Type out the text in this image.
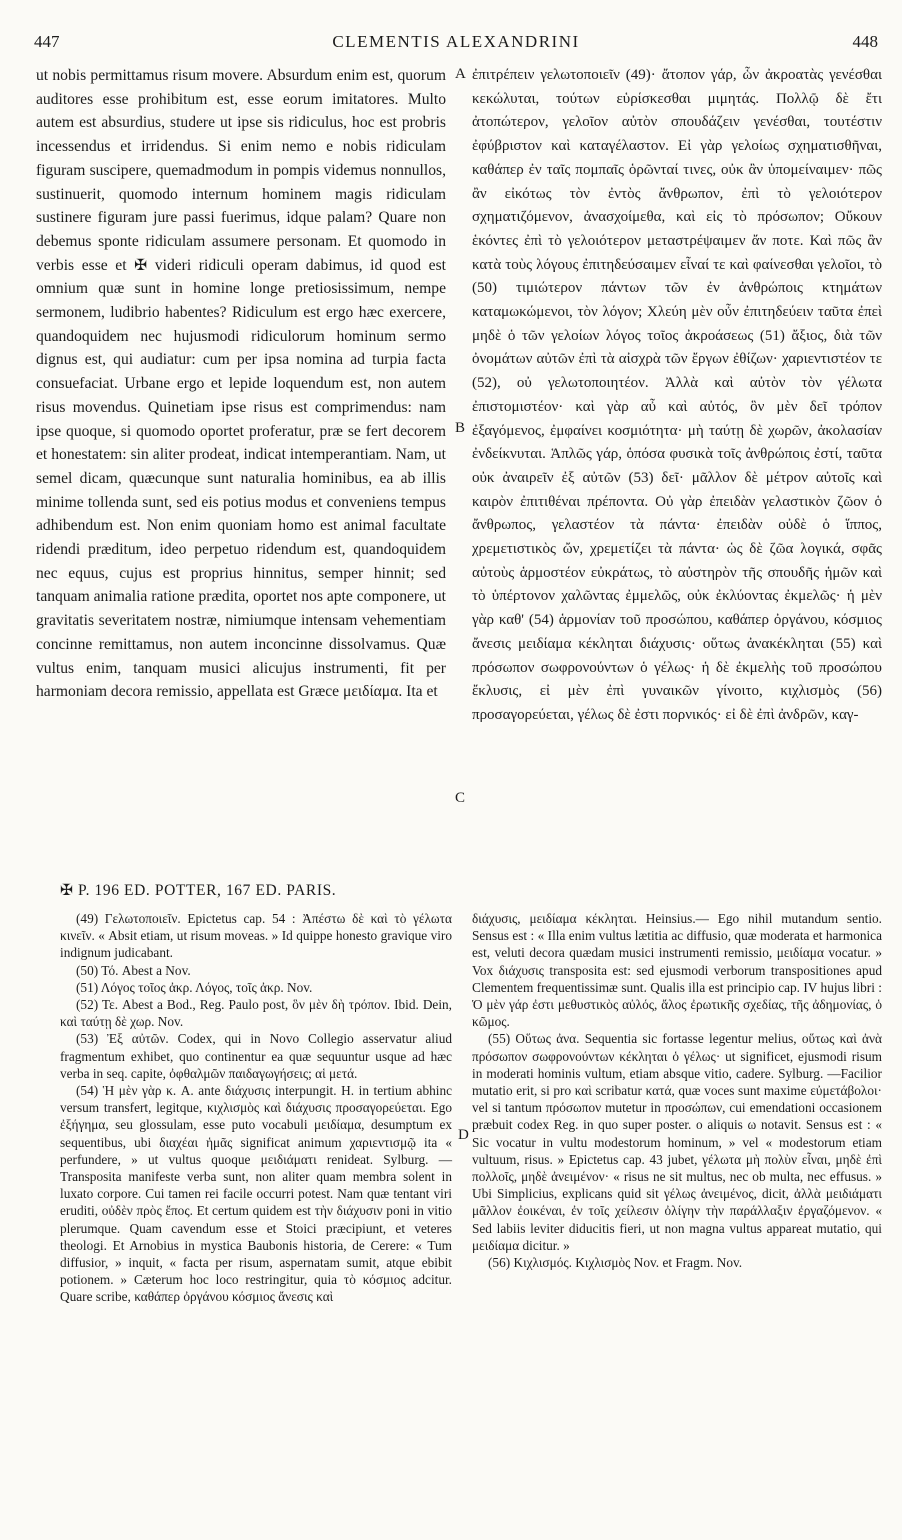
447	CLEMENTIS ALEXANDRINI	448

ut nobis permittamus risum movere. Absurdum enim est, quorum auditores esse prohibitum est, esse eorum imitatores. Multo autem est absurdius, studere ut ipse sis ridiculus, hoc est probris incessendus et irridendus. Si enim nemo e nobis ridiculam figuram suscipere, quemadmodum in pompis videmus nonnullos, sustinuerit, quomodo internum hominem magis ridiculam sustinere figuram jure passi fuerimus, idque palam? Quare non debemus sponte ridiculam assumere personam. Et quomodo in verbis esse et ✠ videri ridiculi operam dabimus, id quod est omnium quæ sunt in homine longe pretiosissimum, nempe sermonem, ludibrio habentes? Ridiculum est ergo hæc exercere, quandoquidem nec hujusmodi ridiculorum hominum sermo dignus est, qui audiatur: cum per ipsa nomina ad turpia facta consuefaciat. Urbane ergo et lepide loquendum est, non autem risus movendus. Quinetiam ipse risus est comprimendus: nam ipse quoque, si quomodo oportet proferatur, præ se fert decorem et honestatem: sin aliter prodeat, indicat intemperantiam. Nam, ut semel dicam, quæcunque sunt naturalia hominibus, ea ab illis minime tollenda sunt, sed eis potius modus et conveniens tempus adhibendum est. Non enim quoniam homo est animal facultate ridendi præditum, ideo perpetuo ridendum est, quandoquidem nec equus, cujus est proprius hinnitus, semper hinnit; sed tanquam animalia ratione prædita, oportet nos apte componere, ut gravitatis severitatem nostræ, nimiumque intensam vehementiam concinne remittamus, non autem inconcinne dissolvamus. Quæ vultus enim, tanquam musici alicujus instrumenti, fit per harmoniam decora remissio, appellata est Græce μειδίαμα. Ita et

A
B
C
D

ἐπιτρέπειν γελωτοποιεῖν (49)· ἄτοπον γάρ, ὧν ἀκροατὰς γενέσθαι κεκώλυται, τούτων εὑρίσκεσθαι μιμητάς. Πολλῷ δὲ ἔτι ἀτοπώτερον, γελοῖον αὐτὸν σπουδάζειν γενέσθαι, τουτέστιν ἐφύβριστον καὶ καταγέλαστον. Εἰ γὰρ γελοίως σχηματισθῆναι, καθάπερ ἐν ταῖς πομπαῖς ὁρῶνταί τινες, οὐκ ἂν ὑπομείναιμεν· πῶς ἂν εἰκότως τὸν ἐντὸς ἄνθρωπον, ἐπὶ τὸ γελοιότερον σχηματιζόμενον, ἀνασχοίμεθα, καὶ εἰς τὸ πρόσωπον; Οὔκουν ἑκόντες ἐπὶ τὸ γελοιότερον μεταστρέψαιμεν ἄν ποτε. Καὶ πῶς ἂν κατὰ τοὺς λόγους ἐπιτηδεύσαιμεν εἶναί τε καὶ φαίνεσθαι γελοῖοι, τὸ (50) τιμιώτερον πάντων τῶν ἐν ἀνθρώποις κτημάτων καταμωκώμενοι, τὸν λόγον; Χλεύη μὲν οὖν ἐπιτηδεύειν ταῦτα ἐπεὶ μηδὲ ὁ τῶν γελοίων λόγος τοῖος ἀκροάσεως (51) ἄξιος, διὰ τῶν ὀνομάτων αὐτῶν ἐπὶ τὰ αἰσχρὰ τῶν ἔργων ἐθίζων· χαριεντιστέον τε (52), οὐ γελωτοποιητέον. Ἀλλὰ καὶ αὐτὸν τὸν γέλωτα ἐπιστομιστέον· καὶ γὰρ αὖ καὶ αὐτός, ὃν μὲν δεῖ τρόπον ἐξαγόμενος, ἐμφαίνει κοσμιότητα· μὴ ταύτῃ δὲ χωρῶν, ἀκολασίαν ἐνδείκνυται. Ἁπλῶς γάρ, ὁπόσα φυσικὰ τοῖς ἀνθρώποις ἐστί, ταῦτα οὐκ ἀναιρεῖν ἐξ αὐτῶν (53) δεῖ· μᾶλλον δὲ μέτρον αὐτοῖς καὶ καιρὸν ἐπιτιθέναι πρέποντα. Οὐ γὰρ ἐπειδὰν γελαστικὸν ζῶον ὁ ἄνθρωπος, γελαστέον τὰ πάντα· ἐπειδὰν οὐδὲ ὁ ἵππος, χρεμετιστικὸς ὤν, χρεμετίζει τὰ πάντα· ὡς δὲ ζῶα λογικά, σφᾶς αὐτοὺς ἁρμοστέον εὐκράτως, τὸ αὐστηρὸν τῆς σπουδῆς ἡμῶν καὶ τὸ ὑπέρτονον χαλῶντας ἐμμελῶς, οὐκ ἐκλύοντας ἐκμελῶς· ἡ μὲν γὰρ καθ' (54) ἁρμονίαν τοῦ προσώπου, καθάπερ ὀργάνου, κόσμιος ἄνεσις μειδίαμα κέκληται διάχυσις· οὕτως ἀνακέκληται (55) καὶ πρόσωπον σωφρονούντων ὁ γέλως· ἡ δὲ ἐκμελὴς τοῦ προσώπου ἔκλυσις, εἰ μὲν ἐπὶ γυναικῶν γίνοιτο, κιχλισμὸς (56) προσαγορεύεται, γέλως δὲ ἐστι πορνικός· εἰ δὲ ἐπὶ ἀνδρῶν, καγ-

✠ P. 196 ED. POTTER, 167 ED. PARIS.

(49) Γελωτοποιεῖν. Epictetus cap. 54 : Ἀπέστω δὲ καὶ τὸ γέλωτα κινεῖν. « Absit etiam, ut risum moveas. » Id quippe honesto gravique viro indignum judicabant.

(50) Τό. Abest a Nov.

(51) Λόγος τοῖος ἀκρ. Λόγος, τοῖς ἀκρ. Nov.

(52) Τε. Abest a Bod., Reg. Paulo post, ὃν μὲν δὴ τρόπον. Ibid. Dein, καὶ ταύτῃ δὲ χωρ. Nov.

(53) Ἐξ αὐτῶν. Codex, qui in Novo Collegio asservatur aliud fragmentum exhibet, quo continentur ea quæ sequuntur usque ad hæc verba in seq. capite, ὀφθαλμῶν παιδαγωγήσεις; αἱ μετά.

(54) Ἡ μὲν γὰρ κ. A. ante διάχυσις interpungit. H. in tertium abhinc versum transfert, legitque, κιχλισμὸς καὶ διάχυσις προσαγορεύεται. Ego ἐξήγημα, seu glossulam, esse puto vocabuli μειδίαμα, desumptum ex sequentibus, ubi διαχέαι ἡμᾶς significat animum χαριεντισμῷ ita « perfundere, » ut vultus quoque μειδιάματι renideat. Sylburg. —Transposita manifeste verba sunt, non aliter quam membra solent in luxato corpore. Cui tamen rei facile occurri potest. Nam quæ tentant viri eruditi, οὐδὲν πρὸς ἔπος. Et certum quidem est τὴν διάχυσιν poni in vitio plerumque. Quam cavendum esse et Stoici præcipiunt, et veteres theologi. Et Arnobius in mystica Baubonis historia, de Cerere: « Tum diffusior, » inquit, « facta per risum, aspernatam sumit, atque ebibit potionem. » Cæterum hoc loco restringitur, quia τὸ κόσμιος adcitur. Quare scribe, καθάπερ ὀργάνου κόσμιος ἄνεσις καὶ

διάχυσις, μειδίαμα κέκληται. Heinsius.— Ego nihil mutandum sentio. Sensus est : « Illa enim vultus lætitia ac diffusio, quæ moderata et harmonica est, veluti decora quædam musici instrumenti remissio, μειδίαμα vocatur. » Vox διάχυσις transposita est: sed ejusmodi verborum transpositiones apud Clementem frequentissimæ sunt. Qualis illa est principio cap. IV hujus libri : Ὁ μὲν γάρ ἐστι μεθυστικὸς αὐλός, ἄλος ἐρωτικῆς σχεδίας, τῆς ἀδημονίας, ὁ κῶμος.

(55) Οὕτως ἀνα. Sequentia sic fortasse legentur melius, οὕτως καὶ ἀνὰ πρόσωπον σωφρονούντων κέκληται ὁ γέλως· ut significet, ejusmodi risum in moderati hominis vultum, etiam absque vitio, cadere. Sylburg. —Facilior mutatio erit, si pro καὶ scribatur κατά, quæ voces sunt maxime εὐμετάβολοι· vel si tantum πρόσωπον mutetur in προσώπων, cui emendationi occasionem præbuit codex Reg. in quo super poster. o aliquis ω notavit. Sensus est : « Sic vocatur in vultu modestorum hominum, » vel « modestorum etiam vultuum, risus. » Epictetus cap. 43 jubet, γέλωτα μὴ πολὺν εἶναι, μηδὲ ἐπὶ πολλοῖς, μηδὲ ἀνειμένον· « risus ne sit multus, nec ob multa, nec effusus. » Ubi Simplicius, explicans quid sit γέλως ἀνειμένος, dicit, ἀλλὰ μειδιάματι μᾶλλον ἐοικέναι, ἐν τοῖς χείλεσιν ὀλίγην τὴν παράλλαξιν ἐργαζόμενον. « Sed labiis leviter diducitis fieri, ut non magna vultus appareat mutatio, qui μειδίαμα dicitur. »

(56) Κιχλισμός. Κιχλισμὸς Nov. et Fragm. Nov.
